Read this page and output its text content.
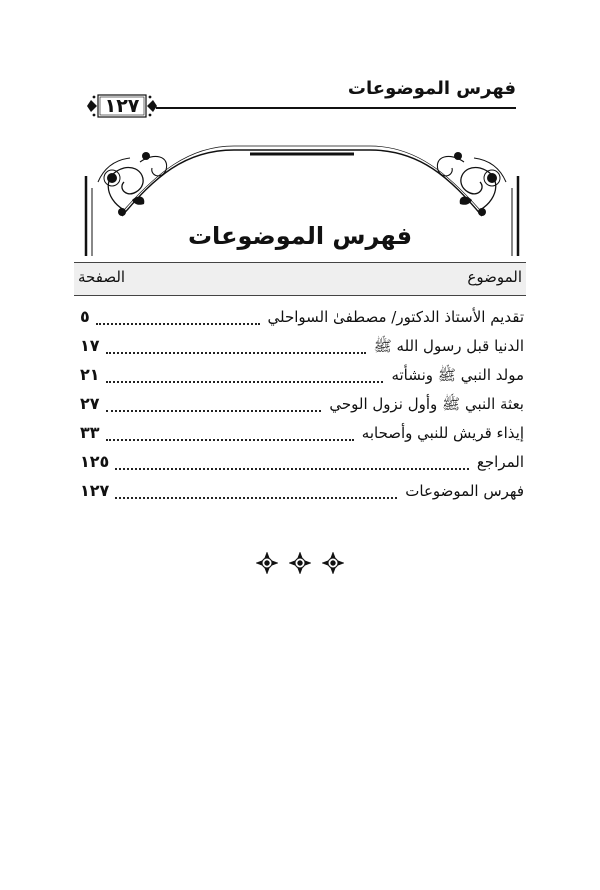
فهرس الموضوعات
١٢٧
فهرس الموضوعات
الموضوع
الصفحة
تقديم الأستاذ الدكتور/ مصطفىٰ السواحلي
٥
الدنيا قبل رسول الله ﷺ
١٧
مولد النبي ﷺ ونشأته
٢١
بعثة النبي ﷺ وأول نزول الوحي
٢٧
إيذاء قريش للنبي وأصحابه
٣٣
المراجع
١٢٥
فهرس الموضوعات
١٢٧
